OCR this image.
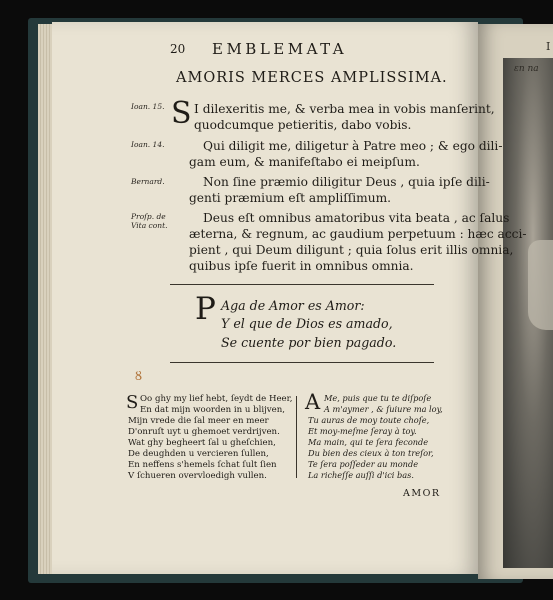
I
ɛn na
20 EMBLEMATA
AMORIS MERCES AMPLISSIMA.
Ioan. 15. S I dilexeritis me, & verba mea in vobis manſerint,
quodcumque petieritis, dabo vobis.
Ioan. 14.	Qui diligit me, diligetur à Patre meo ; & ego dili-
gam eum, & manifeſtabo ei meipſum.
Bernard.	Non ſine præmio diligitur Deus , quia ipſe dili-
genti præmium eſt ampliſſimum.
Proſp. de
Vita cont.
Deus eſt omnibus amatoribus vita beata , ac ſalus
æterna, & regnum, ac gaudium perpetuum : hæc acci-
pient , qui Deum diligunt ; quia ſolus erit illis omnia,
quibus ipſe fuerit in omnibus omnia.
P Aga de Amor es Amor:
Y el que de Dios es amado,
Se cuente por bien pagado.
Ȣ
S Oo ghy my lief hebt, ſeydt de Heer,
En dat mijn woorden in u blijven,
Mijn vrede die ſal meer en meer
D'onruſt uyt u ghemoet verdrijven.
Wat ghy begheert ſal u gheſchien,
De deughden u vercieren ſullen,
En neffens s'hemels ſchat ſult ſien
V ſchueren overvloedigh vullen.
A Me, puis que tu te diſpoſe
A m'aymer , & ſuiure ma loy,
Tu auras de moy toute choſe,
Et moy-meſme ſeray à toy.
Ma main, qui te ſera feconde
Du bien des cieux à ton treſor,
Te ſera poſſeder au monde
La richeſſe auſſi d'ici bas.
AMOR
